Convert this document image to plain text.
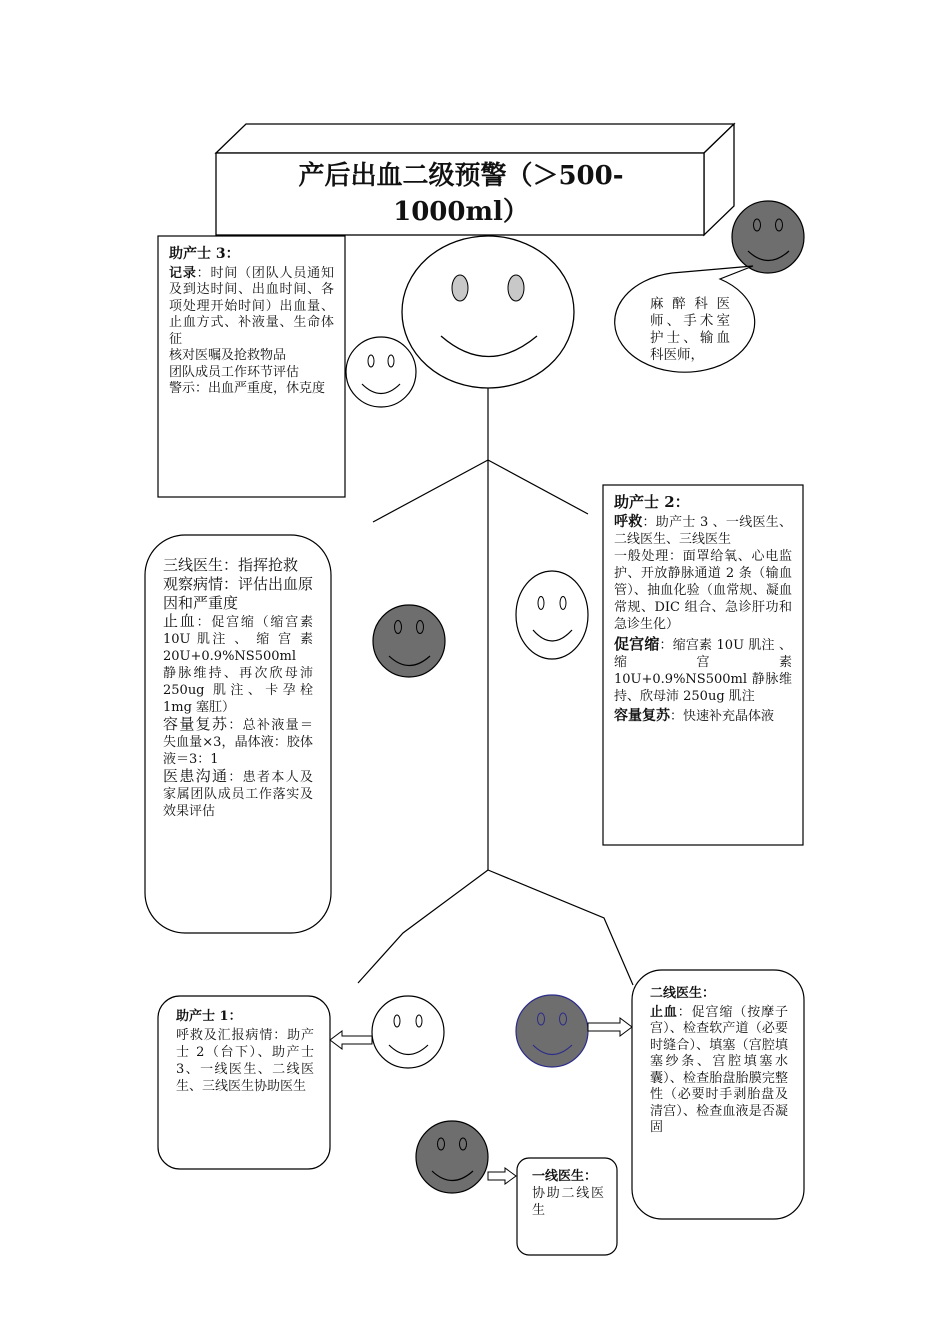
产后出血二级预警（＞500-1000ml）

助产士 3：

记录：时间（团队人员通知及到达时间、出血时间、各项处理开始时间）出血量、止血方式、补液量、生命体征

核对医嘱及抢救物品

团队成员工作环节评估

警示：出血严重度，休克度

麻醉科医师、手术室护士、输血科医师，

助产士 2：

呼救：助产士 3 、一线医生、二线医生、三线医生

一般处理：面罩给氧、心电监护、开放静脉通道 2 条（输血管）、抽血化验（血常规、凝血常规、DIC 组合、急诊肝功和急诊生化）

促宫缩：缩宫素 10U 肌注 、 缩 宫 素 10U+0.9%NS500ml 静脉维持、欣母沛 250ug 肌注

容量复苏：快速补充晶体液

三线医生：指挥抢救

观察病情：评估出血原因和严重度

止血：促宫缩（缩宫素 10U 肌注 、 缩 宫 素 20U+0.9%NS500ml 静脉维持、再次欣母沛 250ug 肌注、卡孕栓 1mg 塞肛）

容量复苏：总补液量＝失血量×3，晶体液：胶体液＝3：1

医患沟通：患者本人及家属团队成员工作落实及效果评估

助产士 1：

呼救及汇报病情：助产士 2（台下）、助产士 3、一线医生、二线医生、三线医生协助医生

二线医生：

止血：促宫缩（按摩子宫）、检查软产道（必要时缝合）、填塞（宫腔填塞纱条、宫腔填塞水囊）、检查胎盘胎膜完整性（必要时手剥胎盘及清宫）、检查血液是否凝固

一线医生：

协助二线医生
